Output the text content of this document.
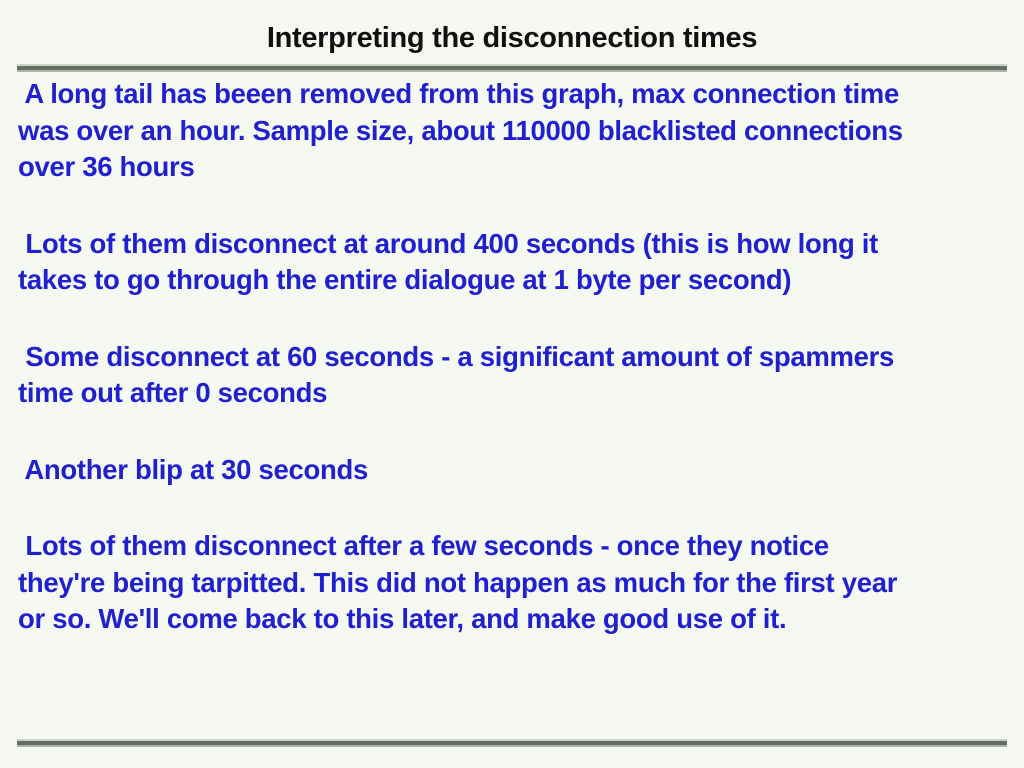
Interpreting the disconnection times
A long tail has beeen removed from this graph, max connection time
was over an hour. Sample size, about 110000 blacklisted connections
over 36 hours
Lots of them disconnect at around 400 seconds (this is how long it
takes to go through the entire dialogue at 1 byte per second)
Some disconnect at 60 seconds - a significant amount of spammers
time out after 0 seconds
Another blip at 30 seconds
Lots of them disconnect after a few seconds - once they notice
they're being tarpitted. This did not happen as much for the first year
or so. We'll come back to this later, and make good use of it.
